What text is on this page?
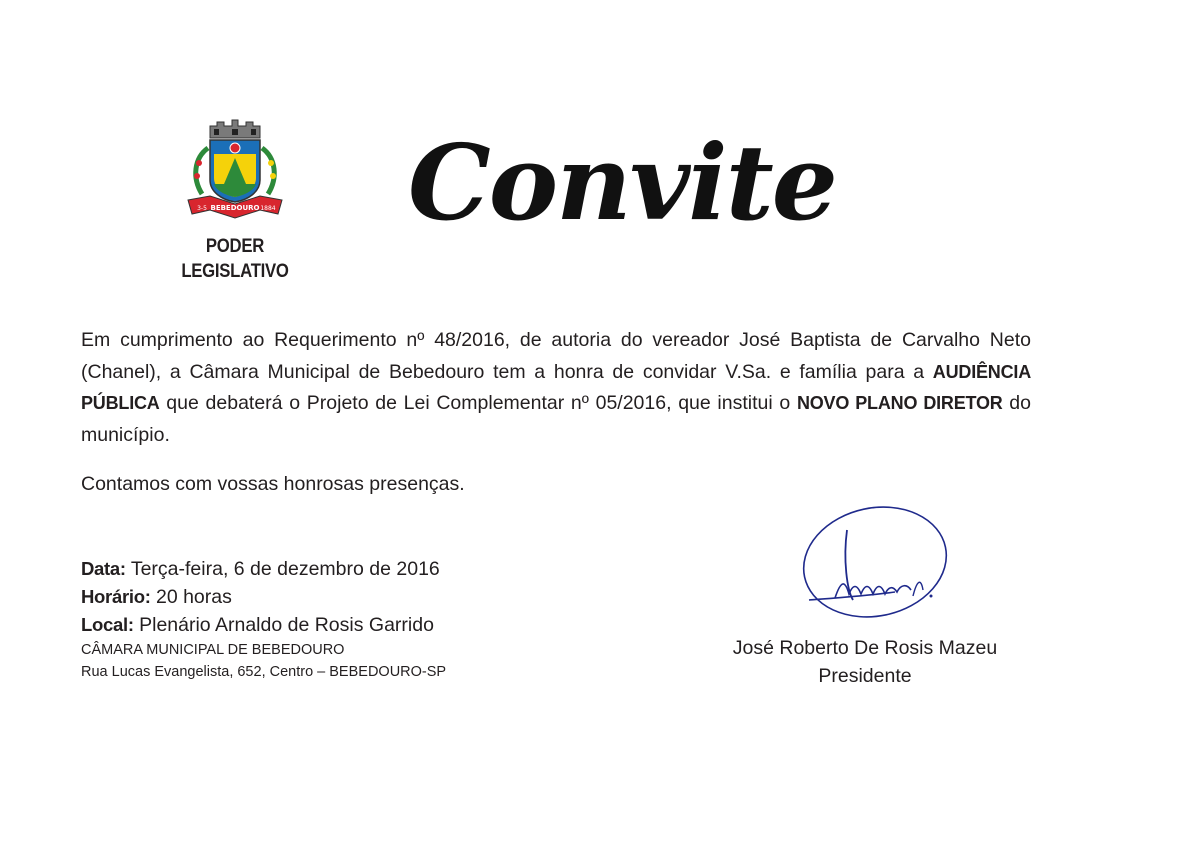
BEBEDOURO
3-5	1884
PODER
LEGISLATIVO
Convite
Em cumprimento ao Requerimento nº 48/2016, de autoria do vereador José Baptista de Carvalho Neto (Chanel), a Câmara Municipal de Bebedouro tem a honra de convidar V.Sa. e família para a AUDIÊNCIA PÚBLICA que debaterá o Projeto de Lei Complementar nº 05/2016, que institui o NOVO PLANO DIRETOR do município.
Contamos com vossas honrosas presenças.
Data: Terça-feira, 6 de dezembro de 2016
Horário: 20 horas
Local: Plenário Arnaldo de Rosis Garrido
CÂMARA MUNICIPAL DE BEBEDOURO
Rua Lucas Evangelista, 652, Centro – BEBEDOURO-SP
José Roberto De Rosis Mazeu
Presidente
